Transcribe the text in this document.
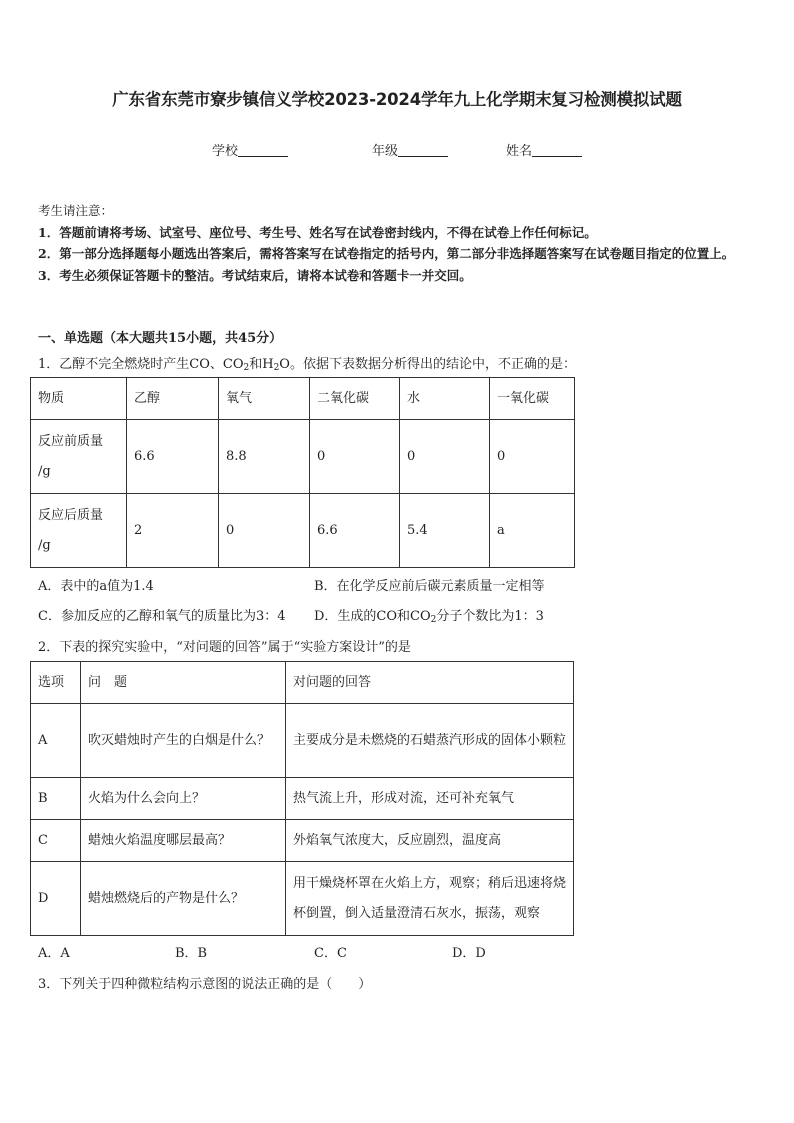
广东省东莞市寮步镇信义学校2023-2024学年九上化学期末复习检测模拟试题
学校	年级	姓名

考生请注意：

1．答题前请将考场、试室号、座位号、考生号、姓名写在试卷密封线内，不得在试卷上作任何标记。

2．第一部分选择题每小题选出答案后，需将答案写在试卷指定的括号内，第二部分非选择题答案写在试卷题目指定的位置上。

3．考生必须保证答题卡的整洁。考试结束后，请将本试卷和答题卡一并交回。

一、单选题（本大题共15小题，共45分）
1．乙醇不完全燃烧时产生CO、$CO_2$和$H_2O$。依据下表数据分析得出的结论中，不正确的是：
物质	乙醇	氧气	二氧化碳	水	一氧化碳
反应前质量
/g	6.6	8.8	0	0	0
反应后质量
/g	2	0	6.6	5.4	a
A．表中的a值为1.4	B．在化学反应前后碳元素质量一定相等
C．参加反应的乙醇和氧气的质量比为3：4 D．生成的CO和$CO_2$分子个数比为1：3
2．下表的探究实验中，“对问题的回答”属于“实验方案设计”的是
选项	问　题	对问题的回答
A	吹灭蜡烛时产生的白烟是什么？	主要成分是未燃烧的石蜡蒸汽形成的固体小颗粒
B	火焰为什么会向上？	热气流上升，形成对流，还可补充氧气
C	蜡烛火焰温度哪层最高？	外焰氧气浓度大，反应剧烈，温度高
D	蜡烛燃烧后的产物是什么？	用干燥烧杯罩在火焰上方，观察；稍后迅速将烧杯倒置，倒入适量澄清石灰水，振荡，观察
A．A	B．B	C．C	D．D
3．下列关于四种微粒结构示意图的说法正确的是（　　）
